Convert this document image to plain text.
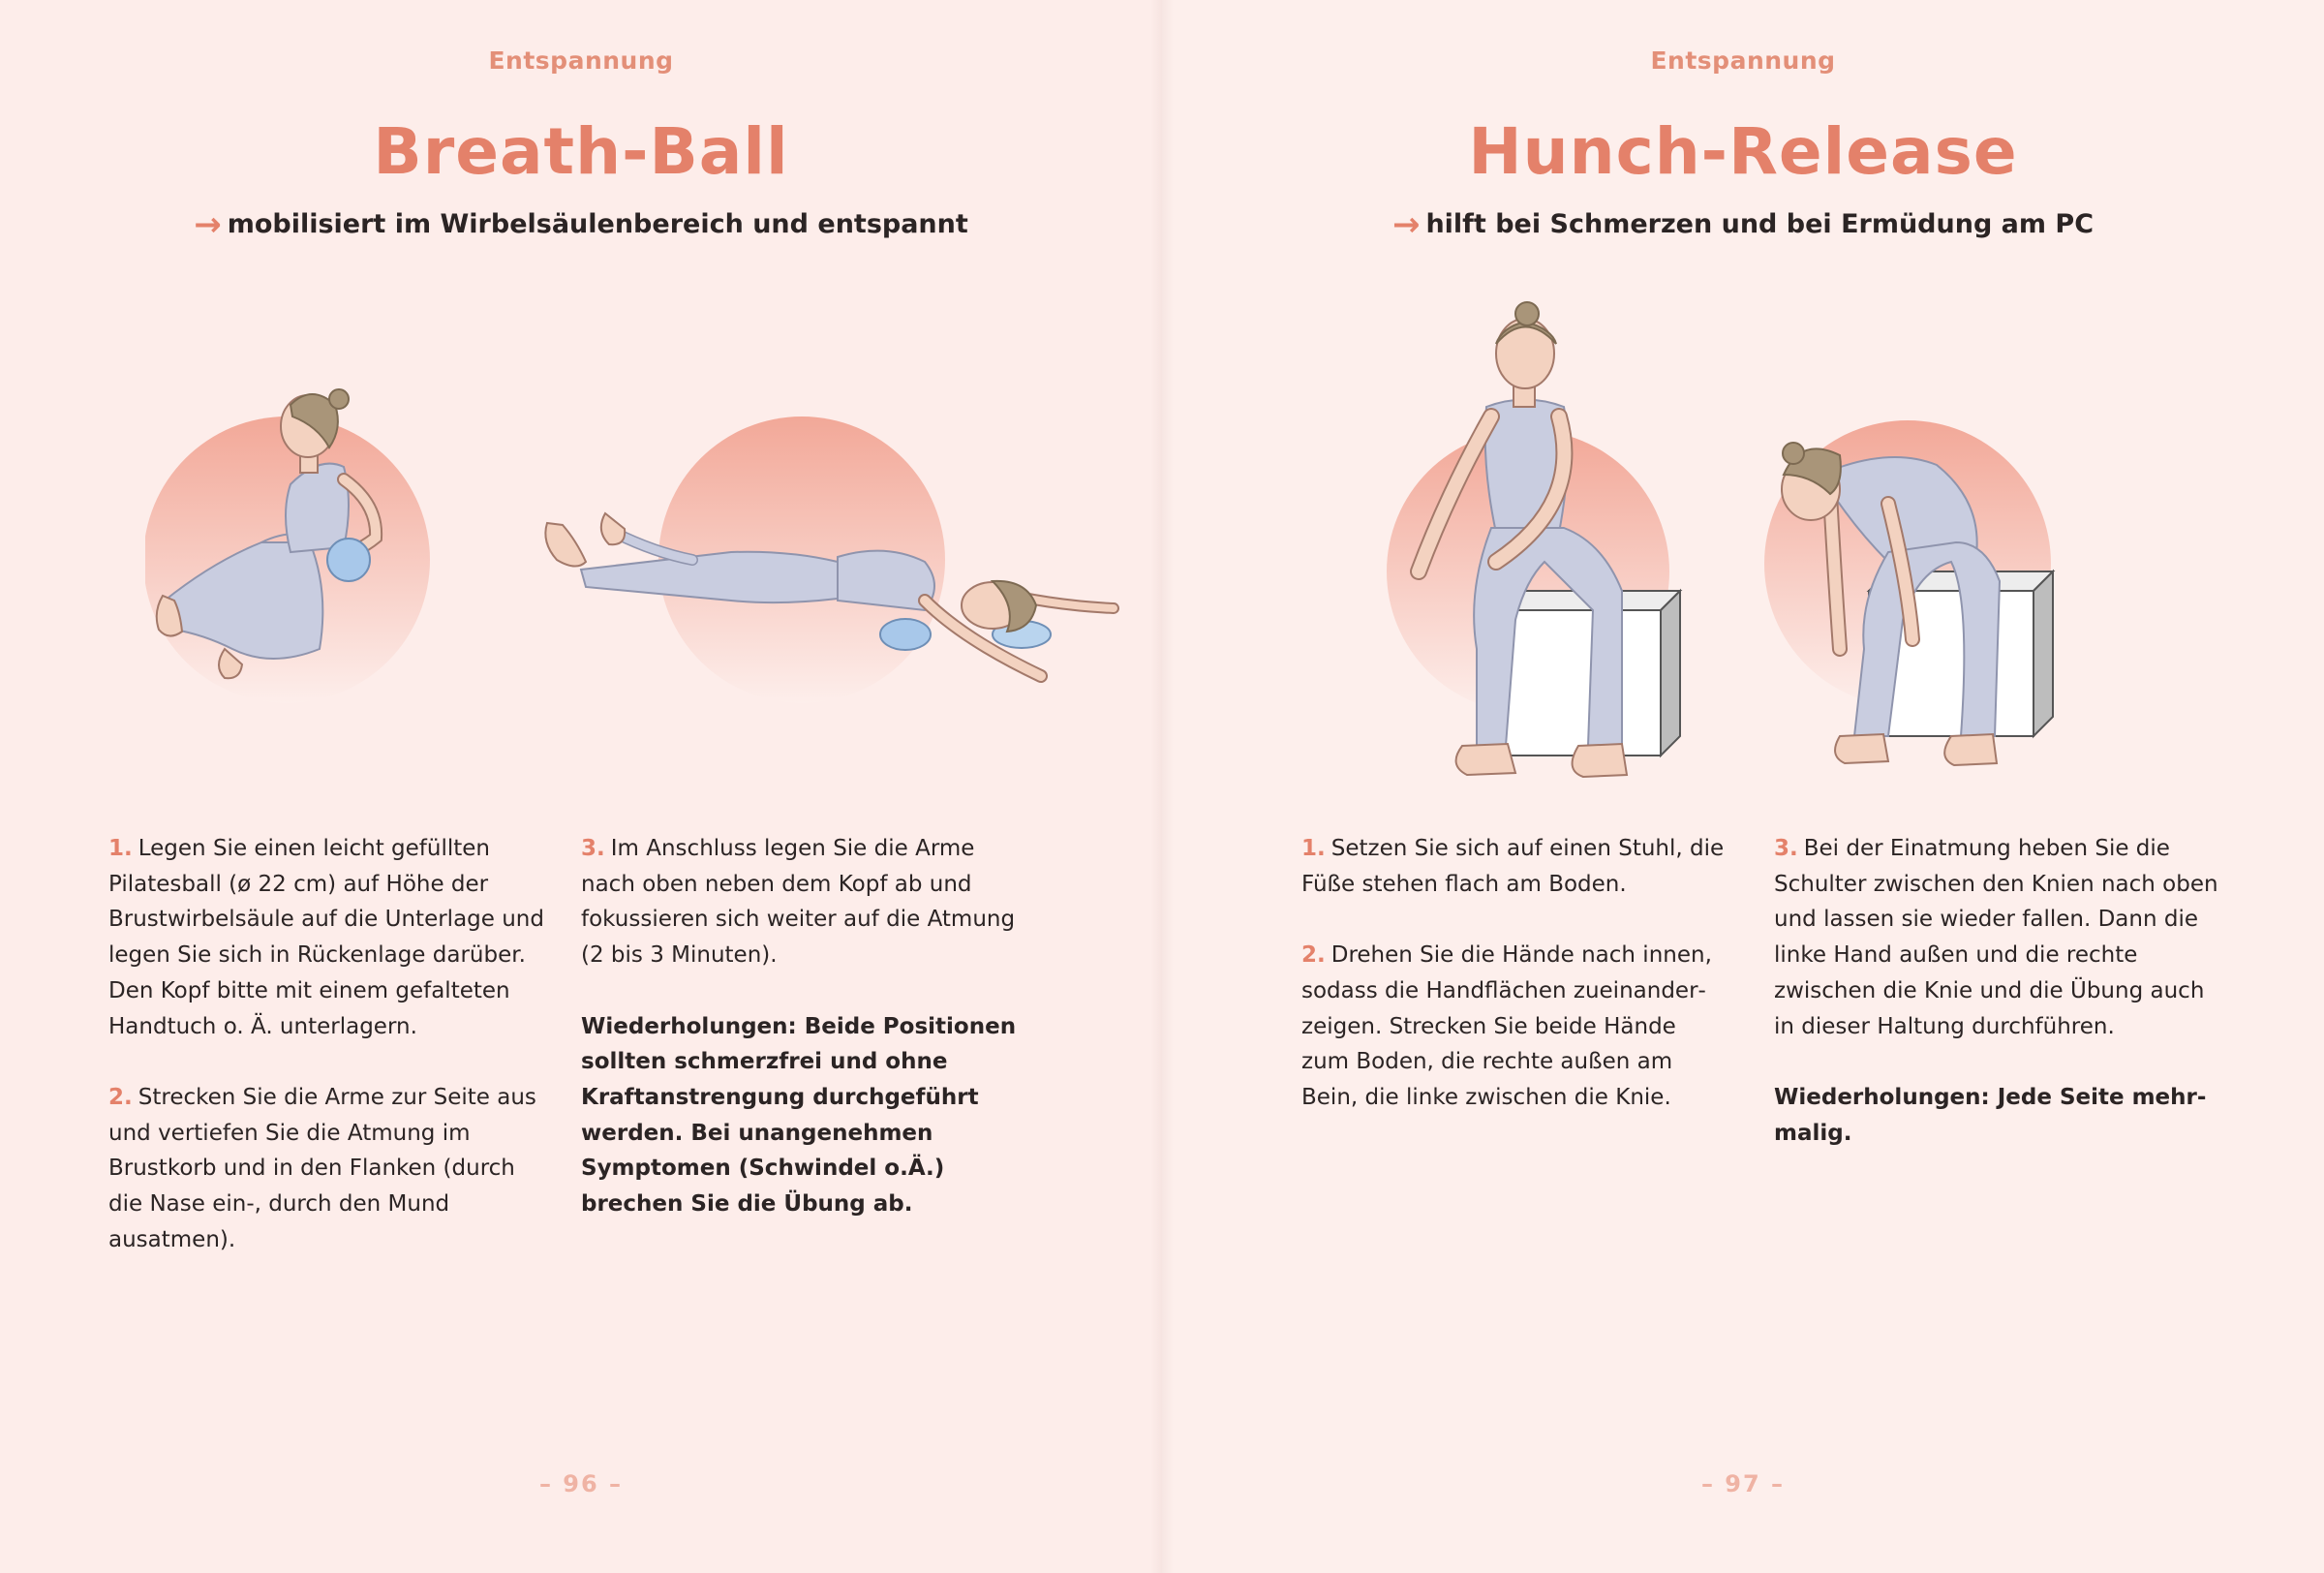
Entspannung
Breath-Ball
→ mobilisiert im Wirbelsäulenbereich und entspannt

1. Legen Sie einen leicht gefüllten Pilatesball (ø 22 cm) auf Höhe der Brustwirbelsäule auf die Unterlage und legen Sie sich in Rückenlage darüber. Den Kopf bitte mit einem gefalteten Handtuch o. Ä. unterlagern.

2. Strecken Sie die Arme zur Seite aus und vertiefen Sie die Atmung im Brustkorb und in den Flanken (durch die Nase ein-, durch den Mund ausatmen).

3. Im Anschluss legen Sie die Arme nach oben neben dem Kopf ab und fokussieren sich weiter auf die Atmung (2 bis 3 Minuten).

Wiederholungen: Beide Positionen sollten schmerzfrei und ohne Kraftanstrengung durchgeführt werden. Bei unangenehmen Symptomen (Schwindel o.Ä.) brechen Sie die Übung ab.

– 96 –
Entspannung
Hunch-Release
→ hilft bei Schmerzen und bei Ermüdung am PC

1. Setzen Sie sich auf einen Stuhl, die Füße stehen flach am Boden.

2. Drehen Sie die Hände nach innen, sodass die Handflächen zueinanderzeigen. Strecken Sie beide Hände zum Boden, die rechte außen am Bein, die linke zwischen die Knie.

3. Bei der Einatmung heben Sie die Schulter zwischen den Knien nach oben und lassen sie wieder fallen. Dann die linke Hand außen und die rechte zwischen die Knie und die Übung auch in dieser Haltung durchführen.

Wiederholungen: Jede Seite mehrmalig.

– 97 –
